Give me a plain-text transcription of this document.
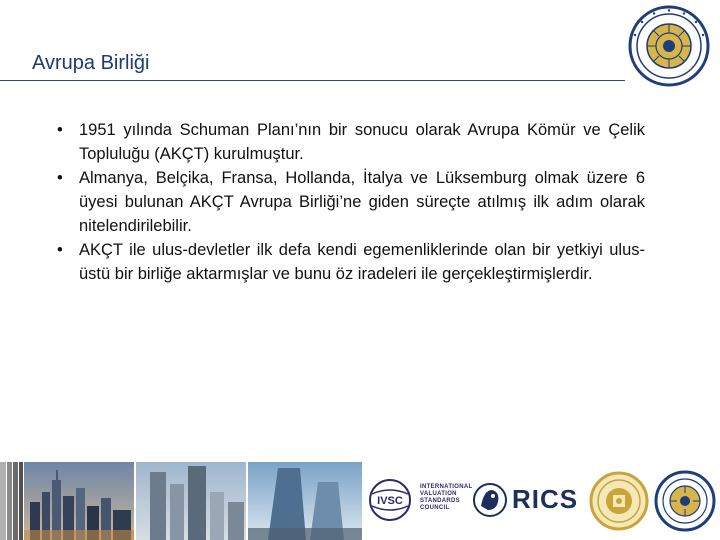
Avrupa Birliği
• 1951 yılında Schuman Planı’nın bir sonucu olarak Avrupa Kömür ve Çelik Topluluğu (AKÇT) kurulmuştur.
• Almanya, Belçika, Fransa, Hollanda, İtalya ve Lüksemburg olmak üzere 6 üyesi bulunan AKÇT Avrupa Birliği’ne giden süreçte atılmış ilk adım olarak nitelendirilebilir.
• AKÇT ile ulus-devletler ilk defa kendi egemenliklerinde olan bir yetkiyi ulus-üstü bir birliğe aktarmışlar ve bunu öz iradeleri ile gerçekleştirmişlerdir.
IVSC
INTERNATIONAL
VALUATION
STANDARDS
COUNCIL	RICS
